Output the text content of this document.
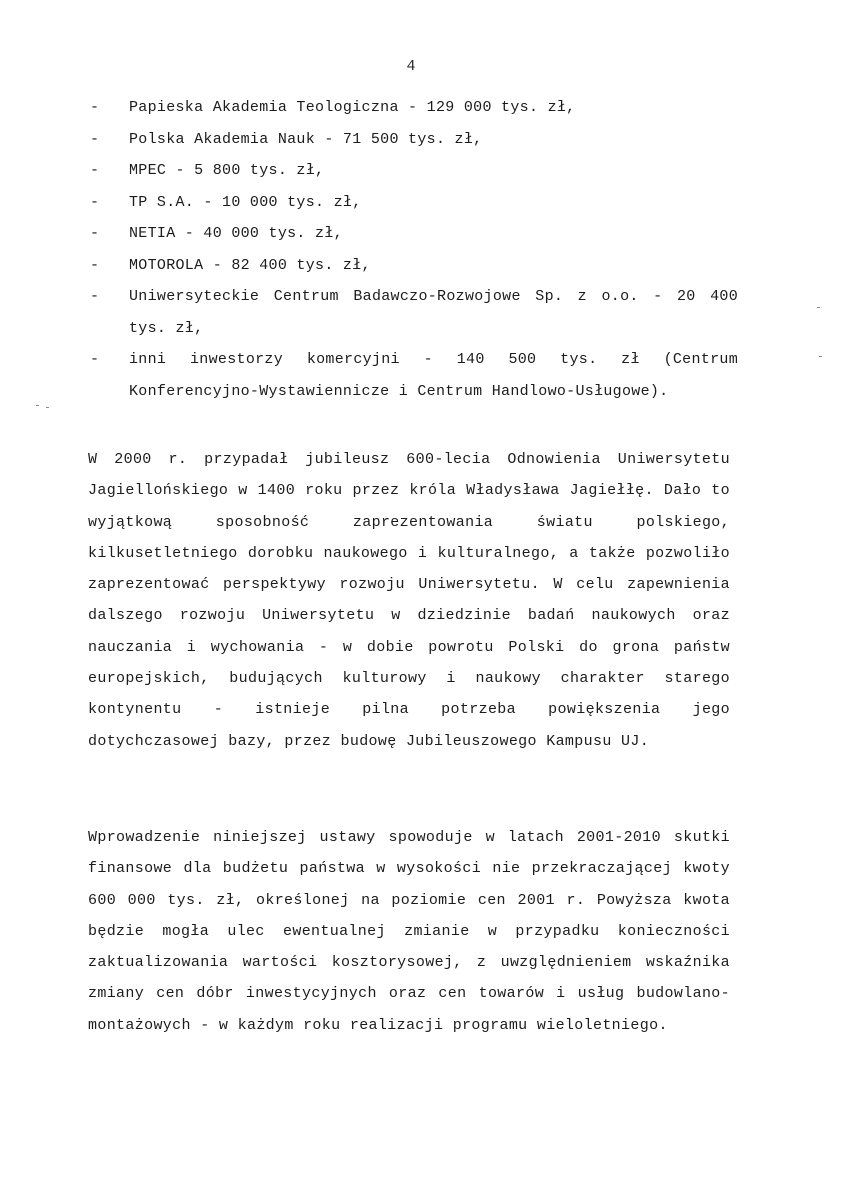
4
- Papieska Akademia Teologiczna - 129 000 tys. zł,
- Polska Akademia Nauk - 71 500 tys. zł,
- MPEC - 5 800 tys. zł,
- TP S.A. - 10 000 tys. zł,
- NETIA - 40 000 tys. zł,
- MOTOROLA - 82 400 tys. zł,
- Uniwersyteckie Centrum Badawczo-Rozwojowe Sp. z o.o. - 20 400 tys. zł,
- inni inwestorzy komercyjni - 140 500 tys. zł (Centrum Konferencyjno-Wystawiennicze i Centrum Handlowo-Usługowe).

W 2000 r. przypadał jubileusz 600-lecia Odnowienia Uniwersytetu Jagiellońskiego w 1400 roku przez króla Władysława Jagiełłę. Dało to wyjątkową sposobność zaprezentowania światu polskiego, kilkusetletniego dorobku naukowego i kulturalnego, a także pozwoliło zaprezentować perspektywy rozwoju Uniwersytetu. W celu zapewnienia dalszego rozwoju Uniwersytetu w dziedzinie badań naukowych oraz nauczania i wychowania - w dobie powrotu Polski do grona państw europejskich, budujących kulturowy i naukowy charakter starego kontynentu - istnieje pilna potrzeba powiększenia jego dotychczasowej bazy, przez budowę Jubileuszowego Kampusu UJ.

Wprowadzenie niniejszej ustawy spowoduje w latach 2001-2010 skutki finansowe dla budżetu państwa w wysokości nie przekraczającej kwoty 600 000 tys. zł, określonej na poziomie cen 2001 r. Powyższa kwota będzie mogła ulec ewentualnej zmianie w przypadku konieczności zaktualizowania wartości kosztorysowej, z uwzględnieniem wskaźnika zmiany cen dóbr inwestycyjnych oraz cen towarów i usług budowlano-montażowych - w każdym roku realizacji programu wieloletniego.
